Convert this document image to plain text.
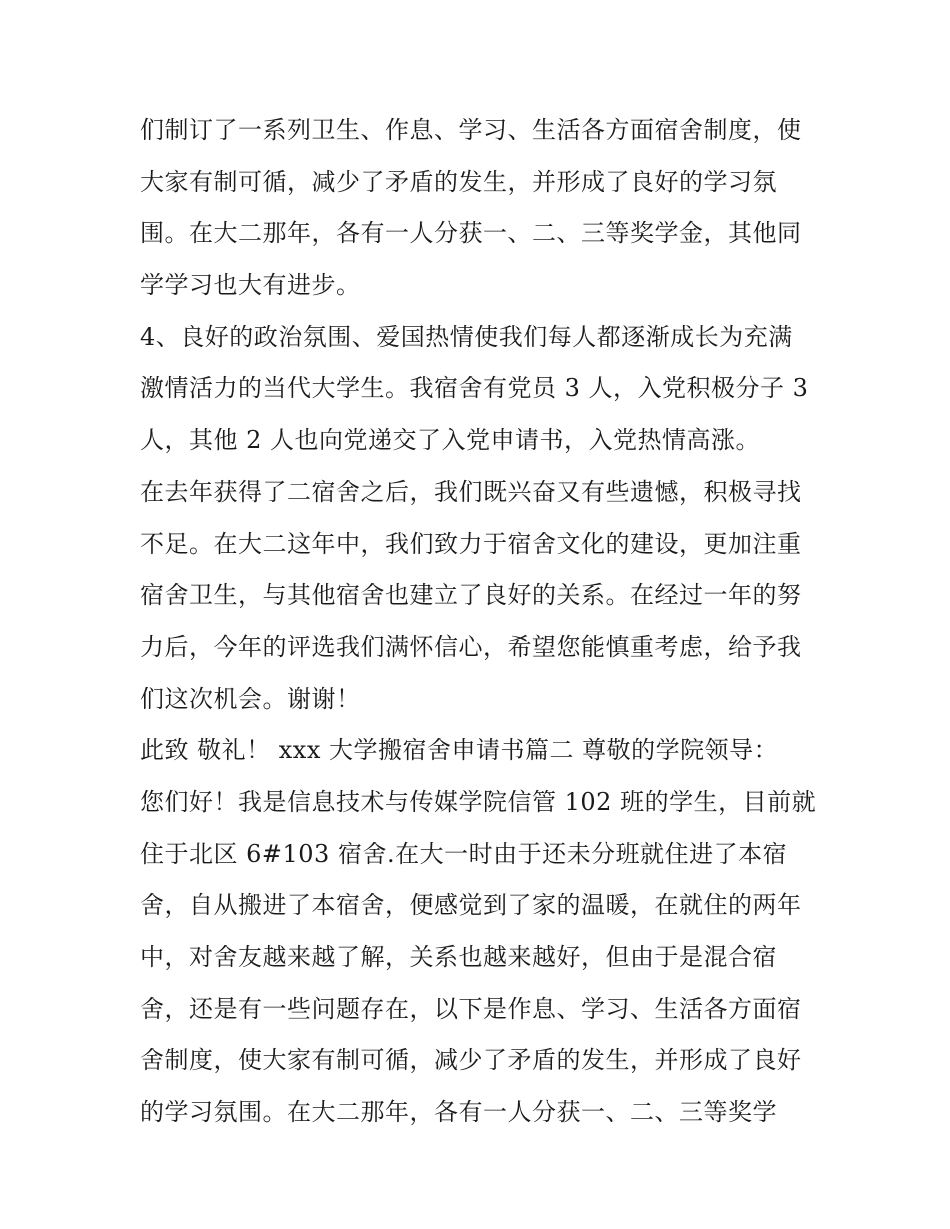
们制订了一系列卫生、作息、学习、生活各方面宿舍制度，使
大家有制可循，减少了矛盾的发生，并形成了良好的学习氛
围。在大二那年，各有一人分获一、二、三等奖学金，其他同
学学习也大有进步。
4、良好的政治氛围、爱国热情使我们每人都逐渐成长为充满
激情活力的当代大学生。我宿舍有党员 3 人，入党积极分子 3
人，其他 2 人也向党递交了入党申请书，入党热情高涨。
在去年获得了二宿舍之后，我们既兴奋又有些遗憾，积极寻找
不足。在大二这年中，我们致力于宿舍文化的建设，更加注重
宿舍卫生，与其他宿舍也建立了良好的关系。在经过一年的努
力后，今年的评选我们满怀信心，希望您能慎重考虑，给予我
们这次机会。谢谢！
此致 敬礼！ xxx 大学搬宿舍申请书篇二 尊敬的学院领导：
您们好！我是信息技术与传媒学院信管 102 班的学生，目前就
住于北区 6#103 宿舍.在大一时由于还未分班就住进了本宿
舍，自从搬进了本宿舍，便感觉到了家的温暖，在就住的两年
中，对舍友越来越了解，关系也越来越好，但由于是混合宿
舍，还是有一些问题存在，以下是作息、学习、生活各方面宿
舍制度，使大家有制可循，减少了矛盾的发生，并形成了良好
的学习氛围。在大二那年，各有一人分获一、二、三等奖学
